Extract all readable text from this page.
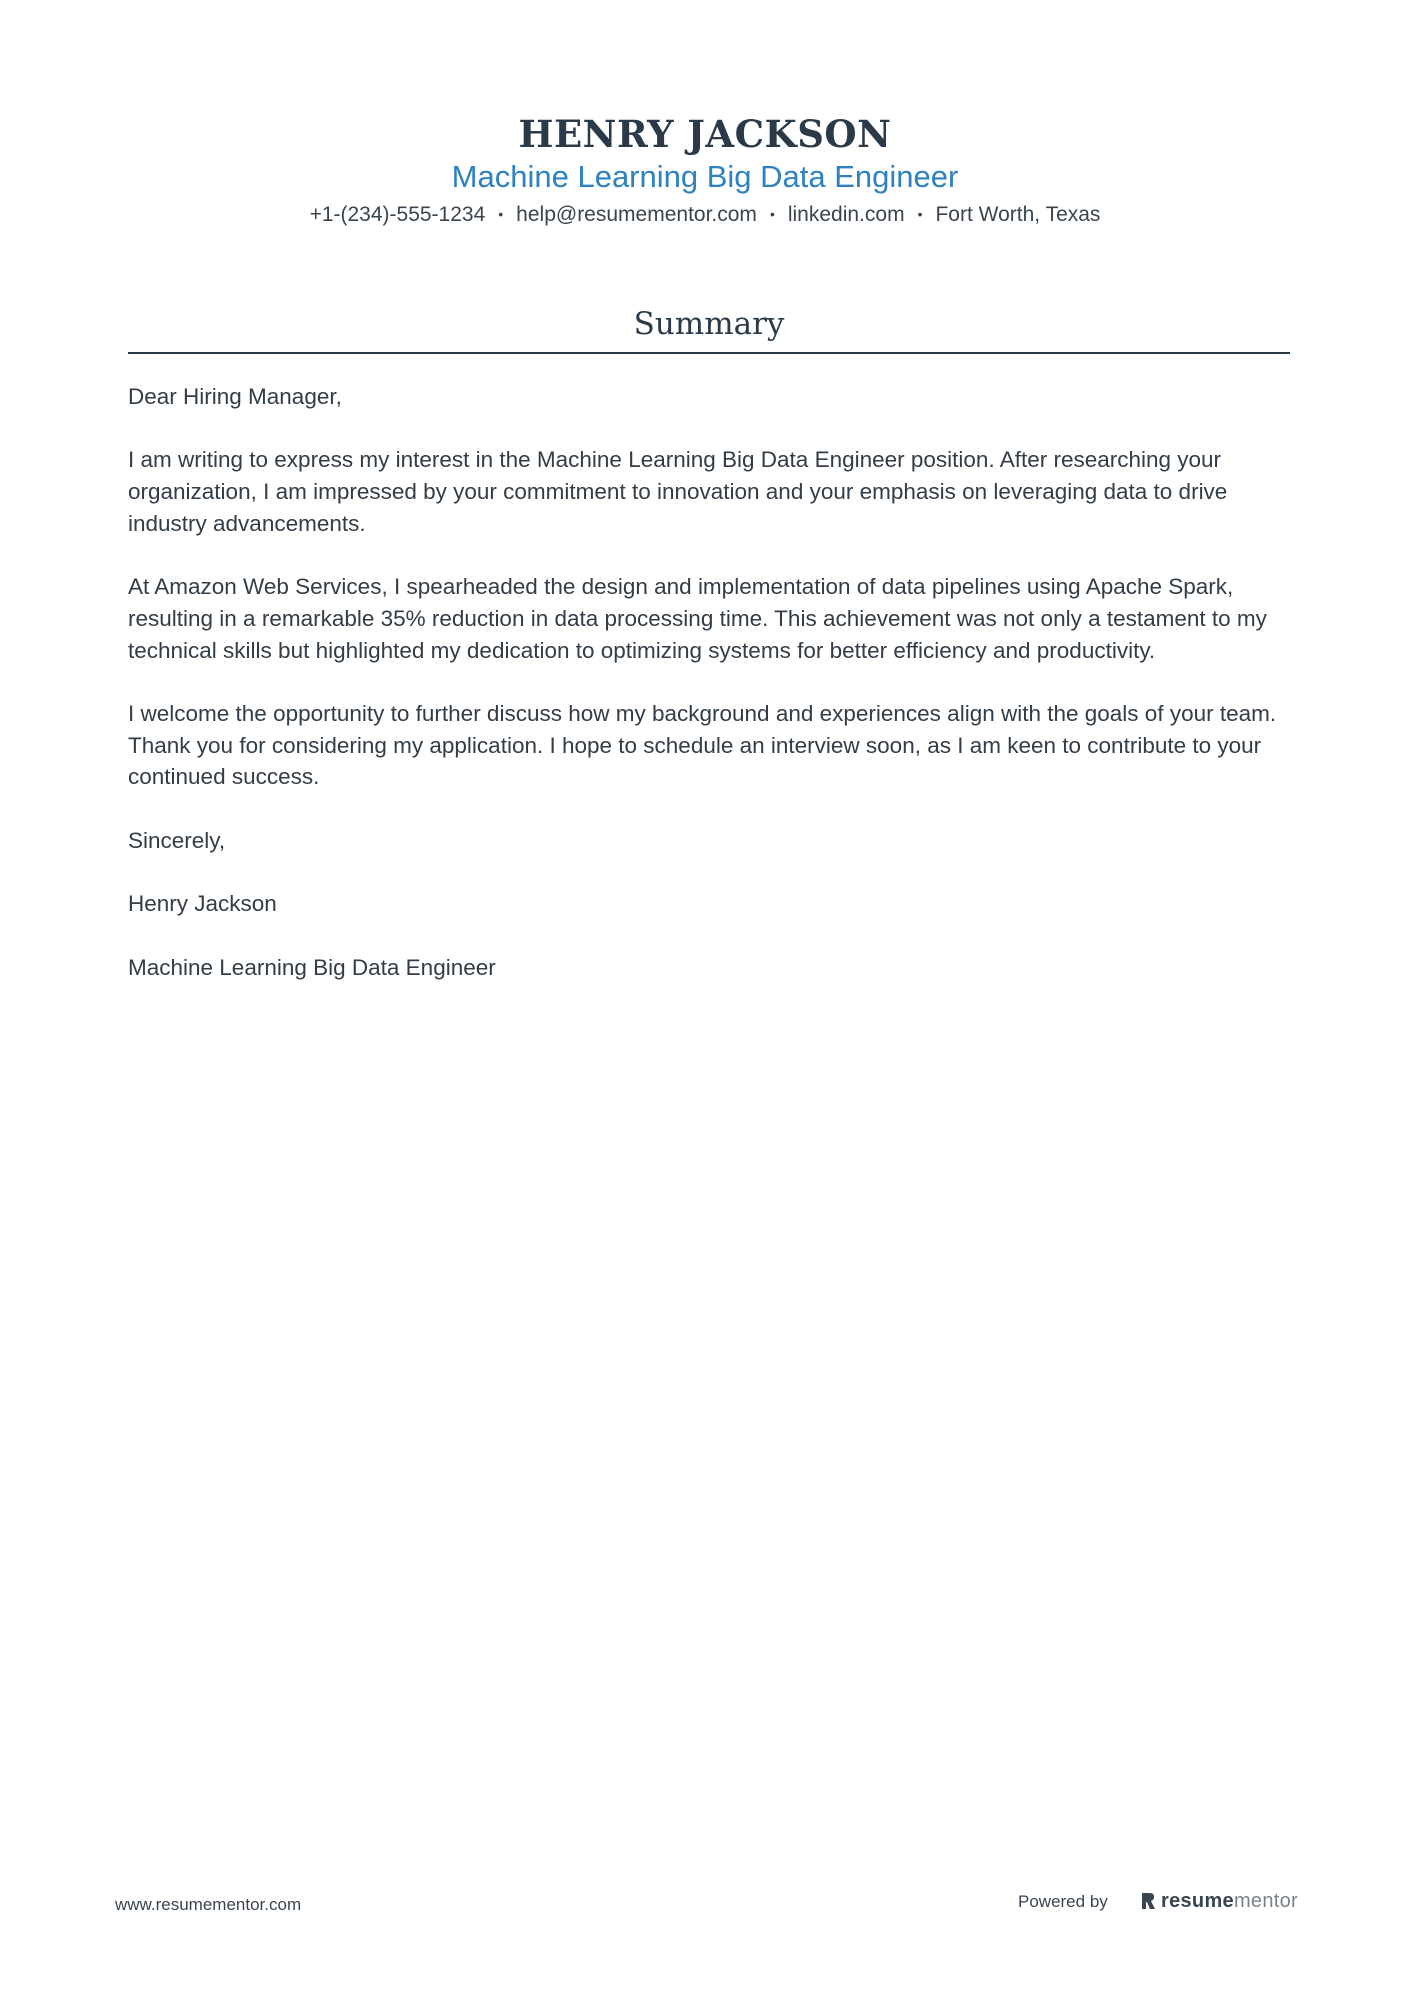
HENRY JACKSON
Machine Learning Big Data Engineer
+1-(234)-555-1234 • help@resumementor.com • linkedin.com • Fort Worth, Texas
Summary

Dear Hiring Manager,

I am writing to express my interest in the Machine Learning Big Data Engineer position. After researching your organization, I am impressed by your commitment to innovation and your emphasis on leveraging data to drive industry advancements.

At Amazon Web Services, I spearheaded the design and implementation of data pipelines using Apache Spark, resulting in a remarkable 35% reduction in data processing time. This achievement was not only a testament to my technical skills but highlighted my dedication to optimizing systems for better efficiency and productivity.

I welcome the opportunity to further discuss how my background and experiences align with the goals of your team. Thank you for considering my application. I hope to schedule an interview soon, as I am keen to contribute to your continued success.

Sincerely,

Henry Jackson

Machine Learning Big Data Engineer

www.resumementor.com	Powered by	resumementor
